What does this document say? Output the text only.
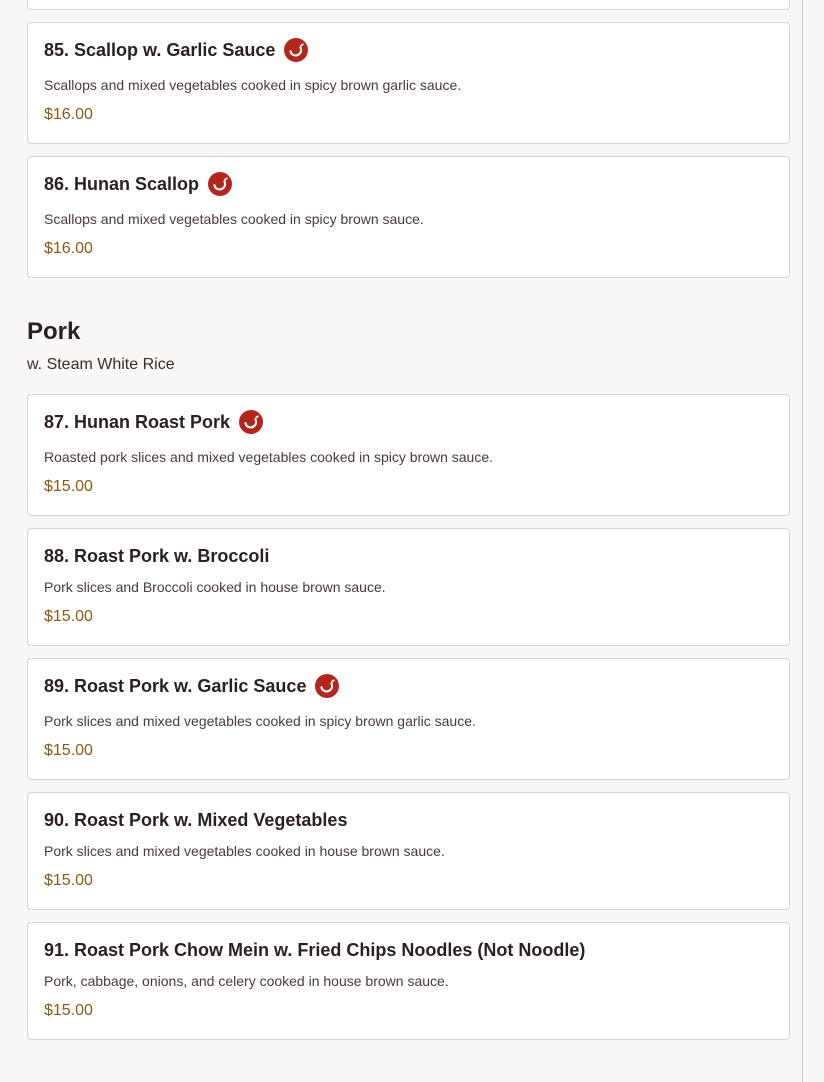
85. Scallop w. Garlic Sauce
Scallops and mixed vegetables cooked in spicy brown garlic sauce.
$16.00
86. Hunan Scallop
Scallops and mixed vegetables cooked in spicy brown sauce.
$16.00
Pork
w. Steam White Rice
87. Hunan Roast Pork
Roasted pork slices and mixed vegetables cooked in spicy brown sauce.
$15.00
88. Roast Pork w. Broccoli
Pork slices and Broccoli cooked in house brown sauce.
$15.00
89. Roast Pork w. Garlic Sauce
Pork slices and mixed vegetables cooked in spicy brown garlic sauce.
$15.00
90. Roast Pork w. Mixed Vegetables
Pork slices and mixed vegetables cooked in house brown sauce.
$15.00
91. Roast Pork Chow Mein w. Fried Chips Noodles (Not Noodle)
Pork, cabbage, onions, and celery cooked in house brown sauce.
$15.00
